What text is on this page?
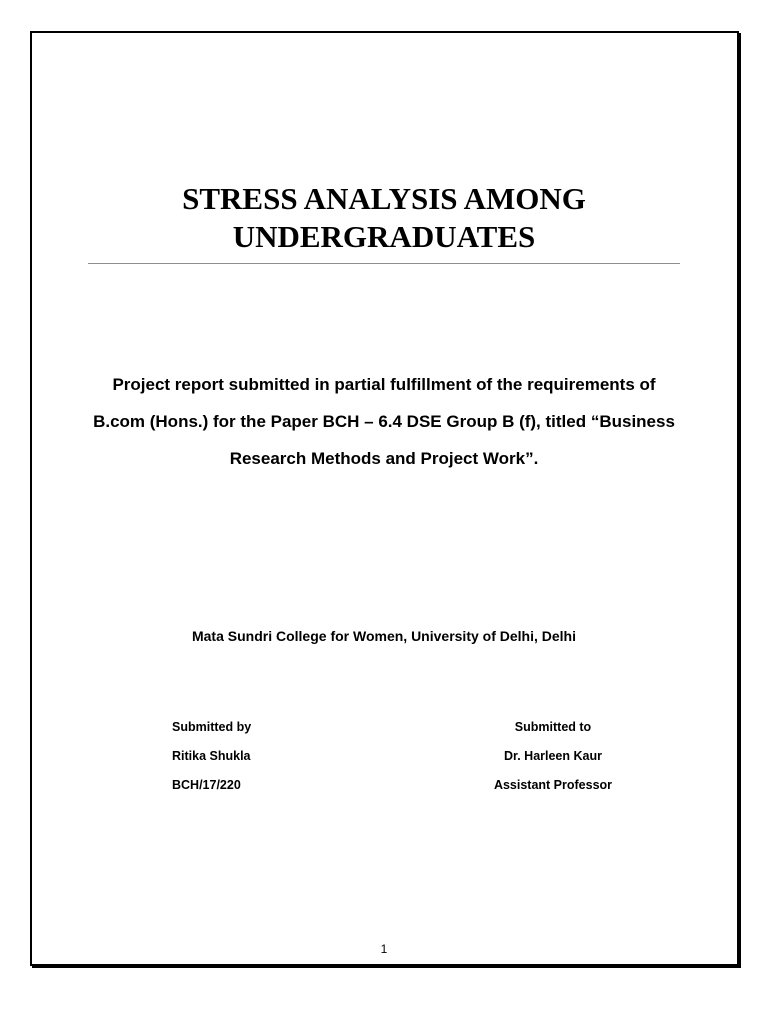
STRESS ANALYSIS AMONG
UNDERGRADUATES

Project report submitted in partial fulfillment of the requirements of
B.com (Hons.) for the Paper BCH – 6.4 DSE Group B (f), titled “Business
Research Methods and Project Work”.

Mata Sundri College for Women, University of Delhi, Delhi

Submitted by
Ritika Shukla
BCH/17/220
Submitted to
Dr. Harleen Kaur
Assistant Professor
1
